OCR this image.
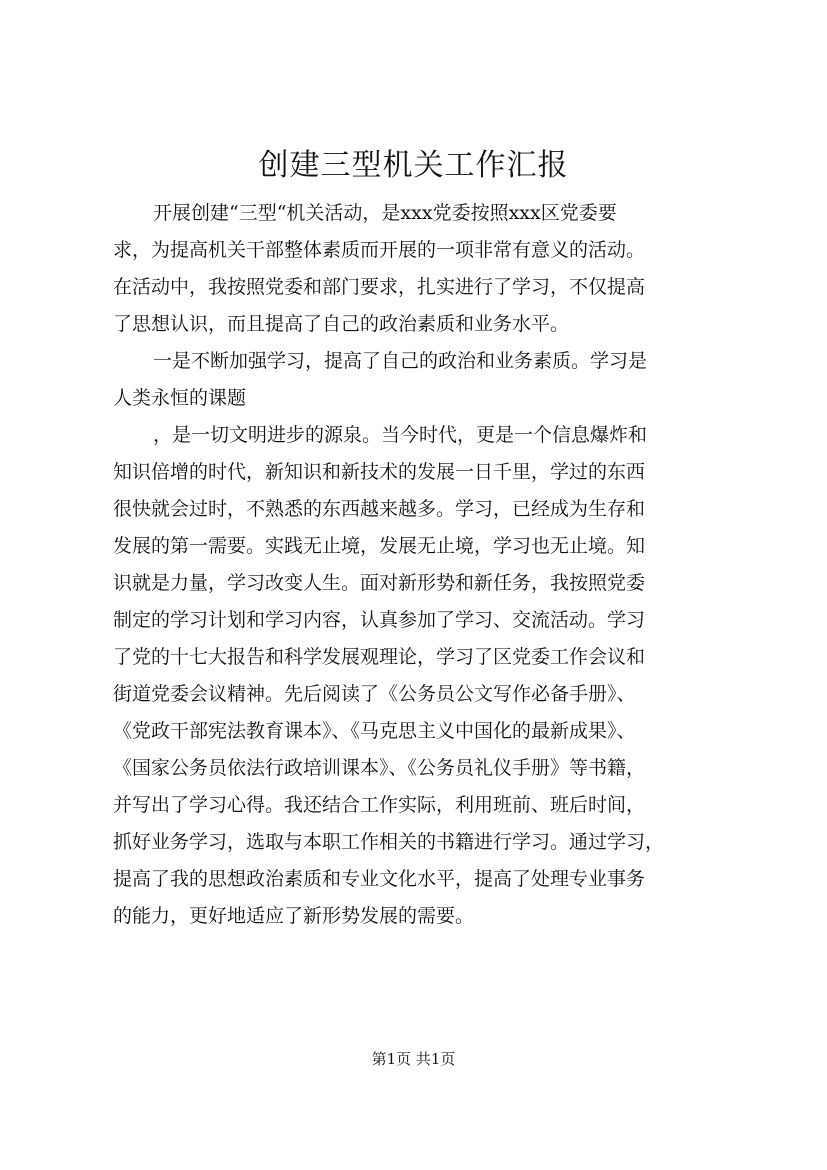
创建三型机关工作汇报
开展创建“三型“机关活动，是xxx党委按照xxx区党委要
求，为提高机关干部整体素质而开展的一项非常有意义的活动。
在活动中，我按照党委和部门要求，扎实进行了学习，不仅提高
了思想认识，而且提高了自己的政治素质和业务水平。
一是不断加强学习，提高了自己的政治和业务素质。学习是
人类永恒的课题
，是一切文明进步的源泉。当今时代，更是一个信息爆炸和
知识倍增的时代，新知识和新技术的发展一日千里，学过的东西
很快就会过时，不熟悉的东西越来越多。学习，已经成为生存和
发展的第一需要。实践无止境，发展无止境，学习也无止境。知
识就是力量，学习改变人生。面对新形势和新任务，我按照党委
制定的学习计划和学习内容，认真参加了学习、交流活动。学习
了党的十七大报告和科学发展观理论，学习了区党委工作会议和
街道党委会议精神。先后阅读了《公务员公文写作必备手册》、
《党政干部宪法教育课本》、《马克思主义中国化的最新成果》、
《国家公务员依法行政培训课本》、《公务员礼仪手册》等书籍，
并写出了学习心得。我还结合工作实际，利用班前、班后时间，
抓好业务学习，选取与本职工作相关的书籍进行学习。通过学习，
提高了我的思想政治素质和专业文化水平，提高了处理专业事务
的能力，更好地适应了新形势发展的需要。
第1页 共1页
